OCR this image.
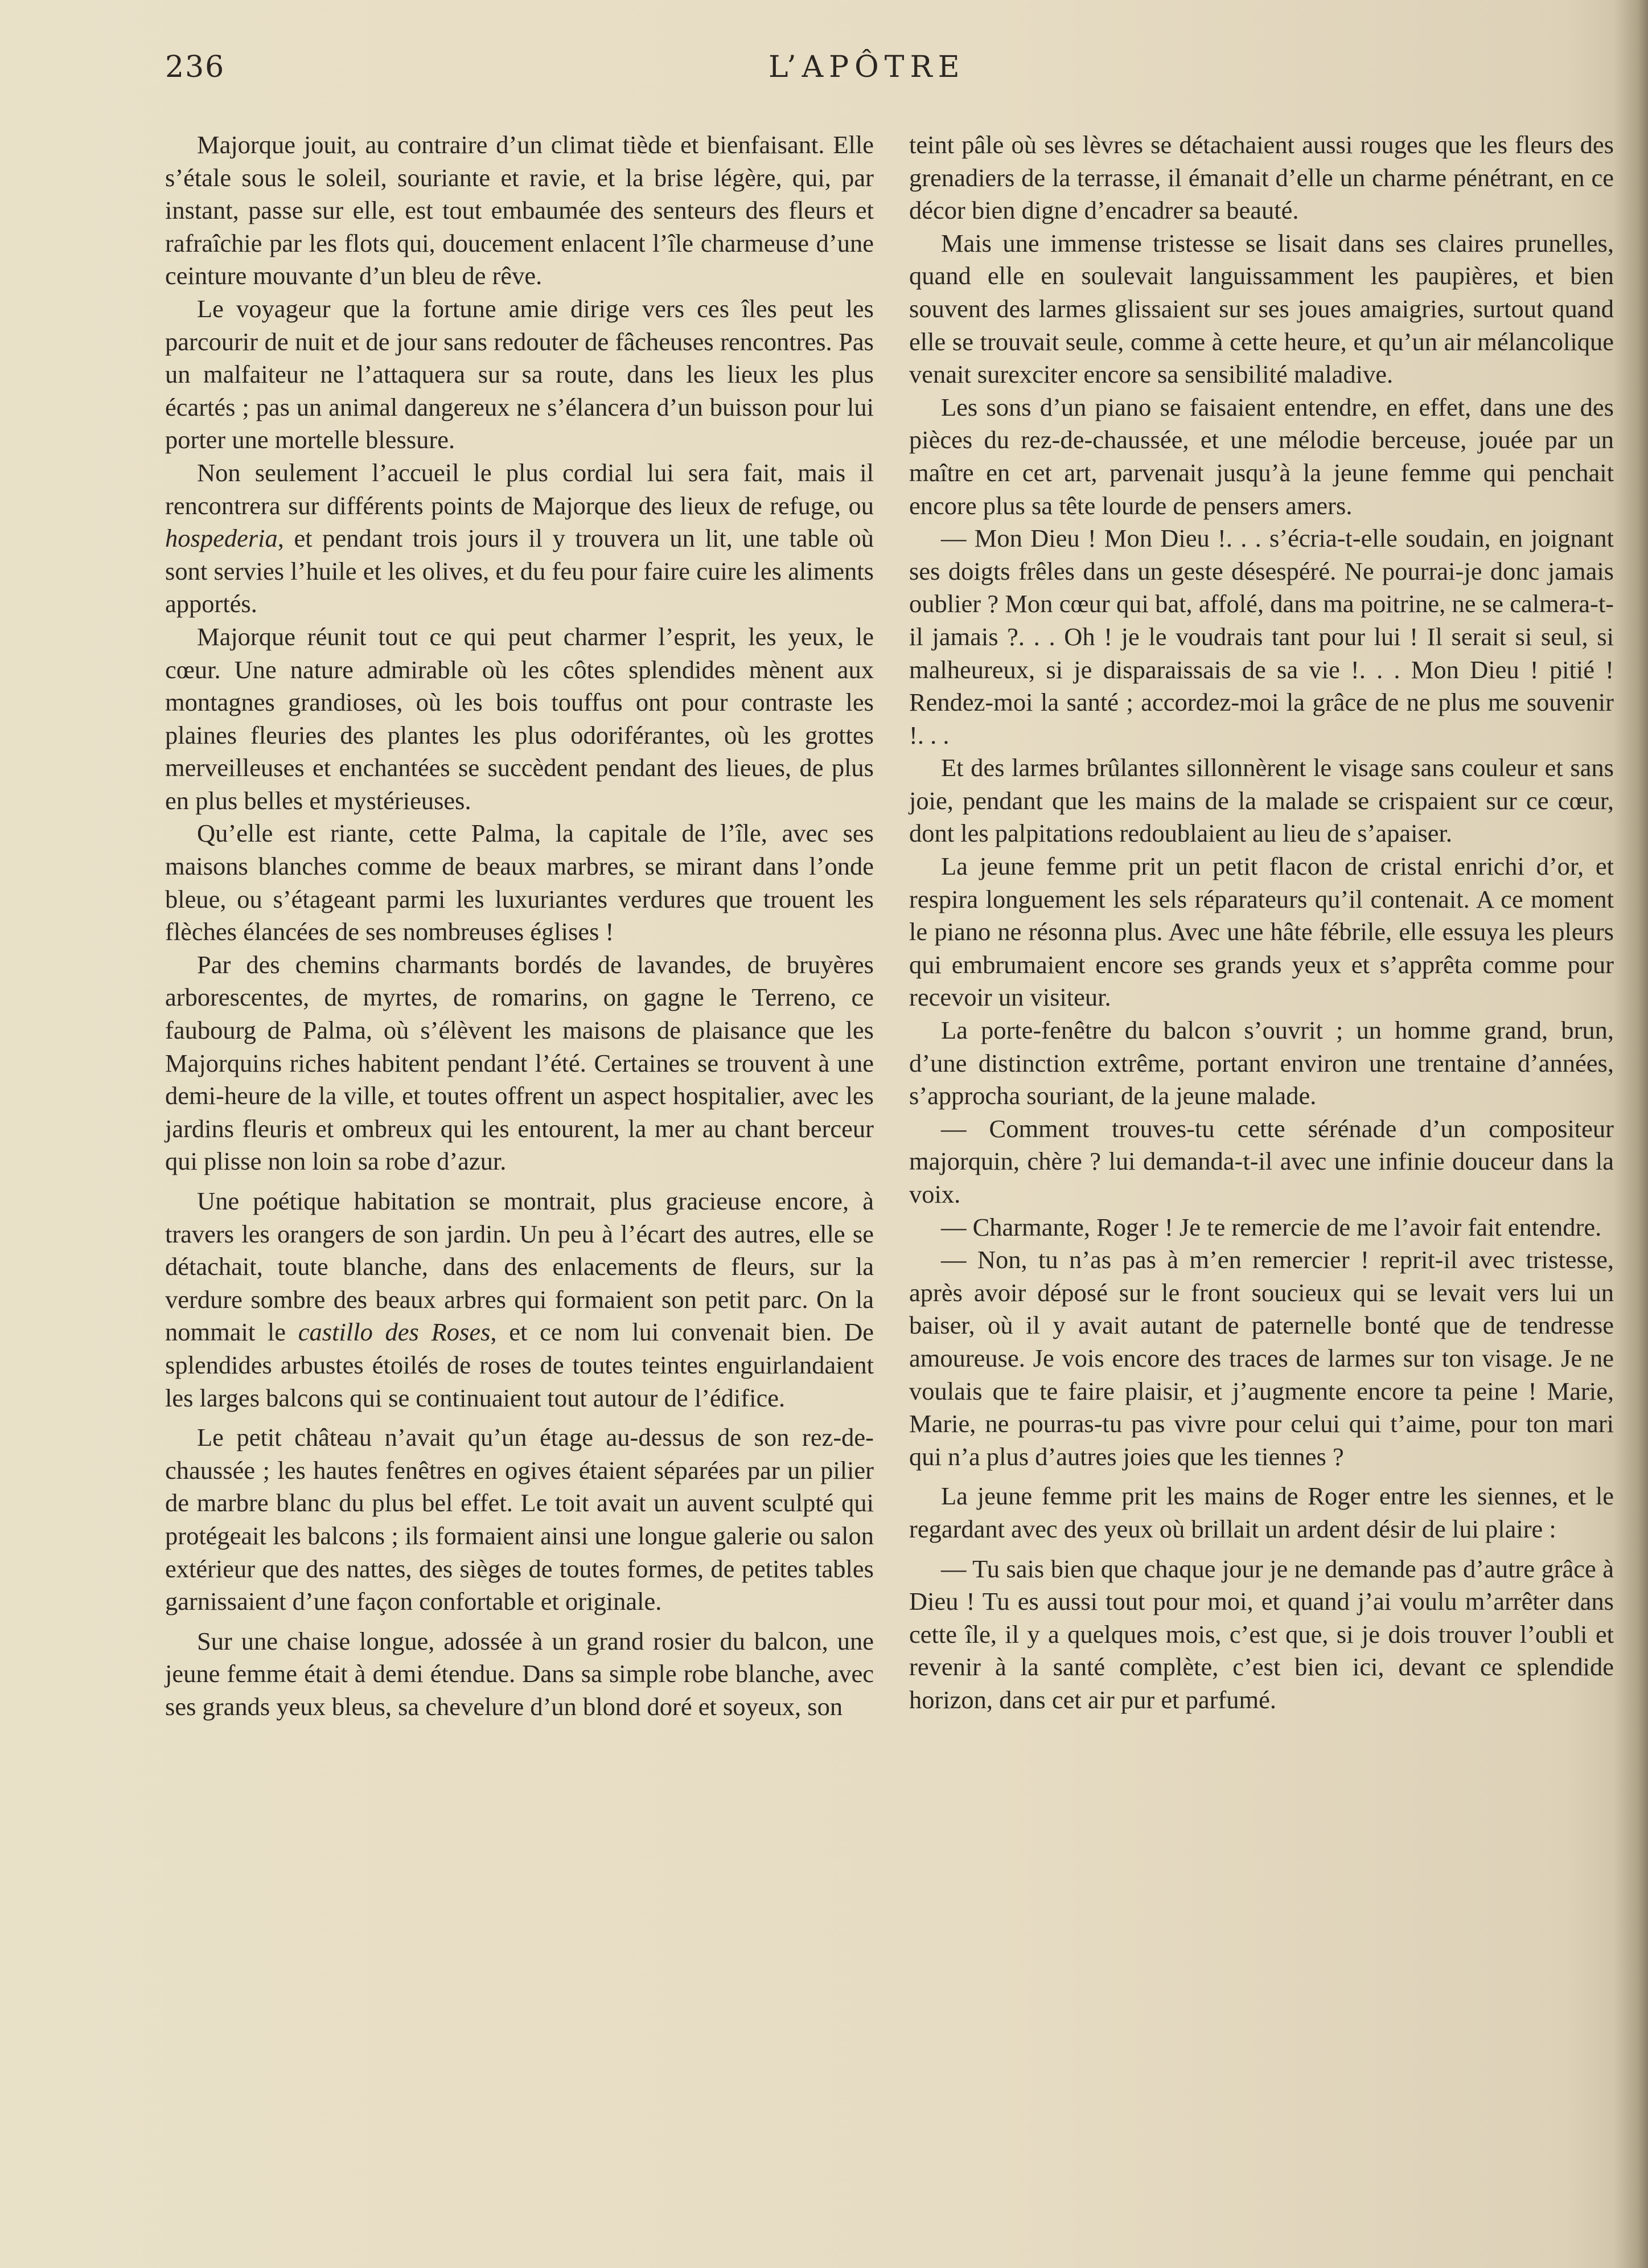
236	L’APÔTRE

Majorque jouit, au contraire d’un climat tiède et bienfaisant. Elle s’étale sous le soleil, souriante et ravie, et la brise légère, qui, par instant, passe sur elle, est tout embaumée des senteurs des fleurs et rafraîchie par les flots qui, doucement enlacent l’île charmeuse d’une ceinture mouvante d’un bleu de rêve.

Le voyageur que la fortune amie dirige vers ces îles peut les parcourir de nuit et de jour sans redouter de fâcheuses rencontres. Pas un malfaiteur ne l’attaquera sur sa route, dans les lieux les plus écartés ; pas un animal dangereux ne s’élancera d’un buisson pour lui porter une mortelle blessure.

Non seulement l’accueil le plus cordial lui sera fait, mais il rencontrera sur différents points de Majorque des lieux de refuge, ou hospederia, et pendant trois jours il y trouvera un lit, une table où sont servies l’huile et les olives, et du feu pour faire cuire les aliments apportés.

Majorque réunit tout ce qui peut charmer l’esprit, les yeux, le cœur. Une nature admirable où les côtes splendides mènent aux montagnes grandioses, où les bois touffus ont pour contraste les plaines fleuries des plantes les plus odoriférantes, où les grottes merveilleuses et enchantées se succèdent pendant des lieues, de plus en plus belles et mystérieuses.

Qu’elle est riante, cette Palma, la capitale de l’île, avec ses maisons blanches comme de beaux marbres, se mirant dans l’onde bleue, ou s’étageant parmi les luxuriantes verdures que trouent les flèches élancées de ses nombreuses églises !

Par des chemins charmants bordés de lavandes, de bruyères arborescentes, de myrtes, de romarins, on gagne le Terreno, ce faubourg de Palma, où s’élèvent les maisons de plaisance que les Majorquins riches habitent pendant l’été. Certaines se trouvent à une demi-heure de la ville, et toutes offrent un aspect hospitalier, avec les jardins fleuris et ombreux qui les entourent, la mer au chant berceur qui plisse non loin sa robe d’azur.

Une poétique habitation se montrait, plus gracieuse encore, à travers les orangers de son jardin. Un peu à l’écart des autres, elle se détachait, toute blanche, dans des enlacements de fleurs, sur la verdure sombre des beaux arbres qui formaient son petit parc. On la nommait le castillo des Roses, et ce nom lui convenait bien. De splendides arbustes étoilés de roses de toutes teintes enguirlandaient les larges balcons qui se continuaient tout autour de l’édifice.

Le petit château n’avait qu’un étage au-dessus de son rez-de-chaussée ; les hautes fenêtres en ogives étaient séparées par un pilier de marbre blanc du plus bel effet. Le toit avait un auvent sculpté qui protégeait les balcons ; ils formaient ainsi une longue galerie ou salon extérieur que des nattes, des sièges de toutes formes, de petites tables garnissaient d’une façon confortable et originale.

Sur une chaise longue, adossée à un grand rosier du balcon, une jeune femme était à demi étendue. Dans sa simple robe blanche, avec ses grands yeux bleus, sa chevelure d’un blond doré et soyeux, son

teint pâle où ses lèvres se détachaient aussi rouges que les fleurs des grenadiers de la terrasse, il émanait d’elle un charme pénétrant, en ce décor bien digne d’encadrer sa beauté.

Mais une immense tristesse se lisait dans ses claires prunelles, quand elle en soulevait languissamment les paupières, et bien souvent des larmes glissaient sur ses joues amaigries, surtout quand elle se trouvait seule, comme à cette heure, et qu’un air mélancolique venait surexciter encore sa sensibilité maladive.

Les sons d’un piano se faisaient entendre, en effet, dans une des pièces du rez-de-chaussée, et une mélodie berceuse, jouée par un maître en cet art, parvenait jusqu’à la jeune femme qui penchait encore plus sa tête lourde de pensers amers.

— Mon Dieu ! Mon Dieu !. . . s’écria-t-elle soudain, en joignant ses doigts frêles dans un geste désespéré. Ne pourrai-je donc jamais oublier ? Mon cœur qui bat, affolé, dans ma poitrine, ne se calmera-t-il jamais ?. . . Oh ! je le voudrais tant pour lui ! Il serait si seul, si malheureux, si je disparaissais de sa vie !. . . Mon Dieu ! pitié ! Rendez-moi la santé ; accordez-moi la grâce de ne plus me souvenir !. . .

Et des larmes brûlantes sillonnèrent le visage sans couleur et sans joie, pendant que les mains de la malade se crispaient sur ce cœur, dont les palpitations redoublaient au lieu de s’apaiser.

La jeune femme prit un petit flacon de cristal enrichi d’or, et respira longuement les sels réparateurs qu’il contenait. A ce moment le piano ne résonna plus. Avec une hâte fébrile, elle essuya les pleurs qui embrumaient encore ses grands yeux et s’apprêta comme pour recevoir un visiteur.

La porte-fenêtre du balcon s’ouvrit ; un homme grand, brun, d’une distinction extrême, portant environ une trentaine d’années, s’approcha souriant, de la jeune malade.

— Comment trouves-tu cette sérénade d’un compositeur majorquin, chère ? lui demanda-t-il avec une infinie douceur dans la voix.

— Charmante, Roger ! Je te remercie de me l’avoir fait entendre.

— Non, tu n’as pas à m’en remercier ! reprit-il avec tristesse, après avoir déposé sur le front soucieux qui se levait vers lui un baiser, où il y avait autant de paternelle bonté que de tendresse amoureuse. Je vois encore des traces de larmes sur ton visage. Je ne voulais que te faire plaisir, et j’augmente encore ta peine ! Marie, Marie, ne pourras-tu pas vivre pour celui qui t’aime, pour ton mari qui n’a plus d’autres joies que les tiennes ?

La jeune femme prit les mains de Roger entre les siennes, et le regardant avec des yeux où brillait un ardent désir de lui plaire :

— Tu sais bien que chaque jour je ne demande pas d’autre grâce à Dieu ! Tu es aussi tout pour moi, et quand j’ai voulu m’arrêter dans cette île, il y a quelques mois, c’est que, si je dois trouver l’oubli et revenir à la santé complète, c’est bien ici, devant ce splendide horizon, dans cet air pur et parfumé.
